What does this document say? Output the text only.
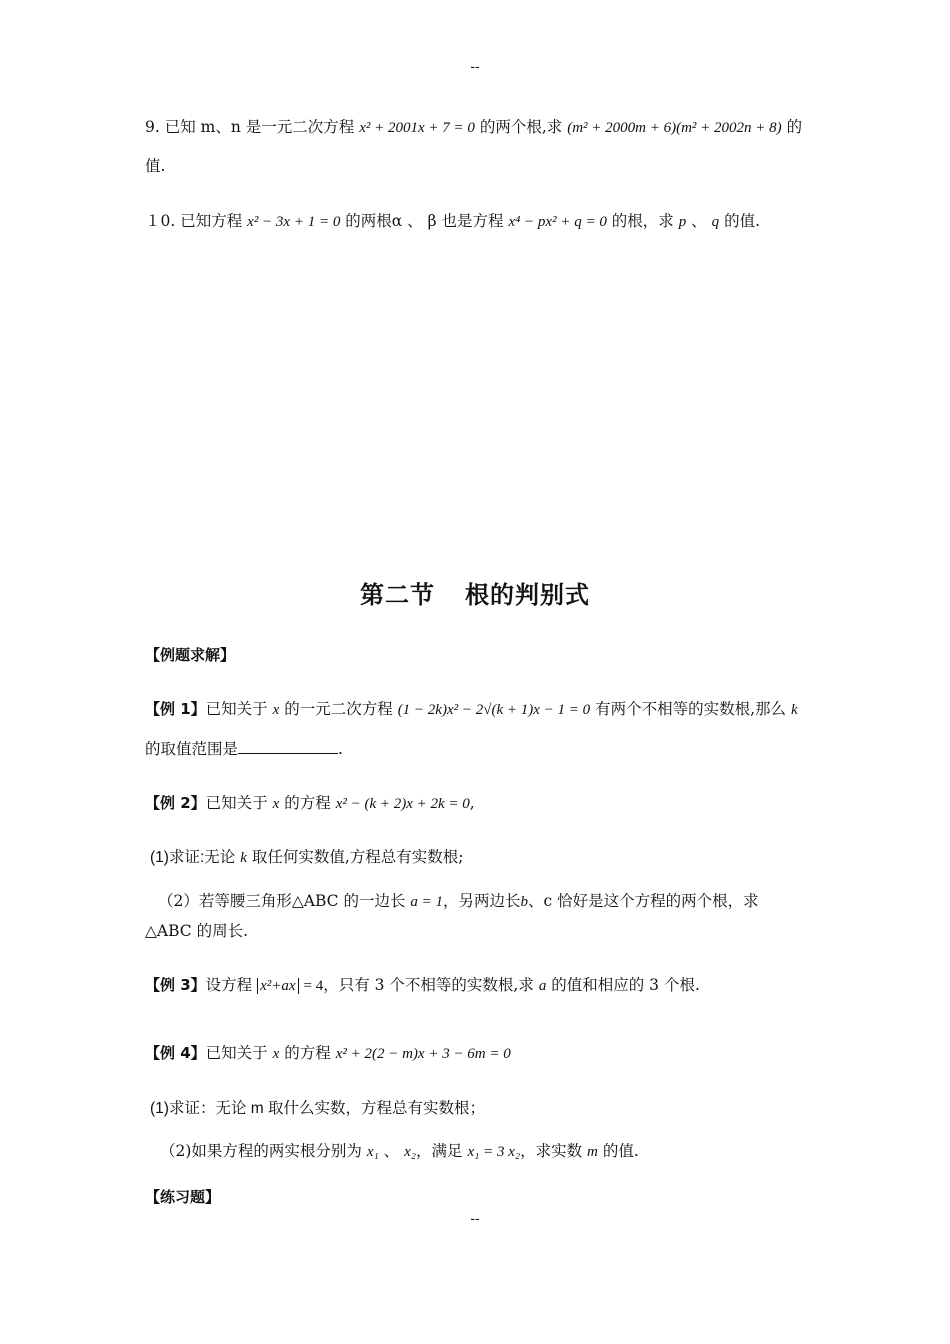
--
9. 已知 m、n 是一元二次方程 x² + 2001x + 7 = 0 的两个根,求 (m² + 2000m + 6)(m² + 2002n + 8) 的
值.
１0. 已知方程 x² − 3x + 1 = 0 的两根α 、 β 也是方程 x⁴ − px² + q = 0 的根，求 p 、 q 的值.
第二节 根的判别式
【例题求解】
【例 1】已知关于 x 的一元二次方程 (1 − 2k)x² − 2√(k + 1)x − 1 = 0 有两个不相等的实数根,那么 k
的取值范围是	.
【例 2】已知关于 x 的方程 x² − (k + 2)x + 2k = 0,
(1)求证:无论 k 取任何实数值,方程总有实数根;
（2）若等腰三角形△ABC 的一边长 a = 1，另两边长b、c 恰好是这个方程的两个根，求
△ABC 的周长.
【例 3】设方程 x²+ax = 4，只有 3 个不相等的实数根,求 a 的值和相应的 3 个根.
【例 4】已知关于 x 的方程 x² + 2(2 − m)x + 3 − 6m = 0
(1)求证：无论 m 取什么实数，方程总有实数根；
（2)如果方程的两实根分别为 x₁ 、 x₂，满足 x₁ = 3 x₂，求实数 m 的值.
【练习题】
--
